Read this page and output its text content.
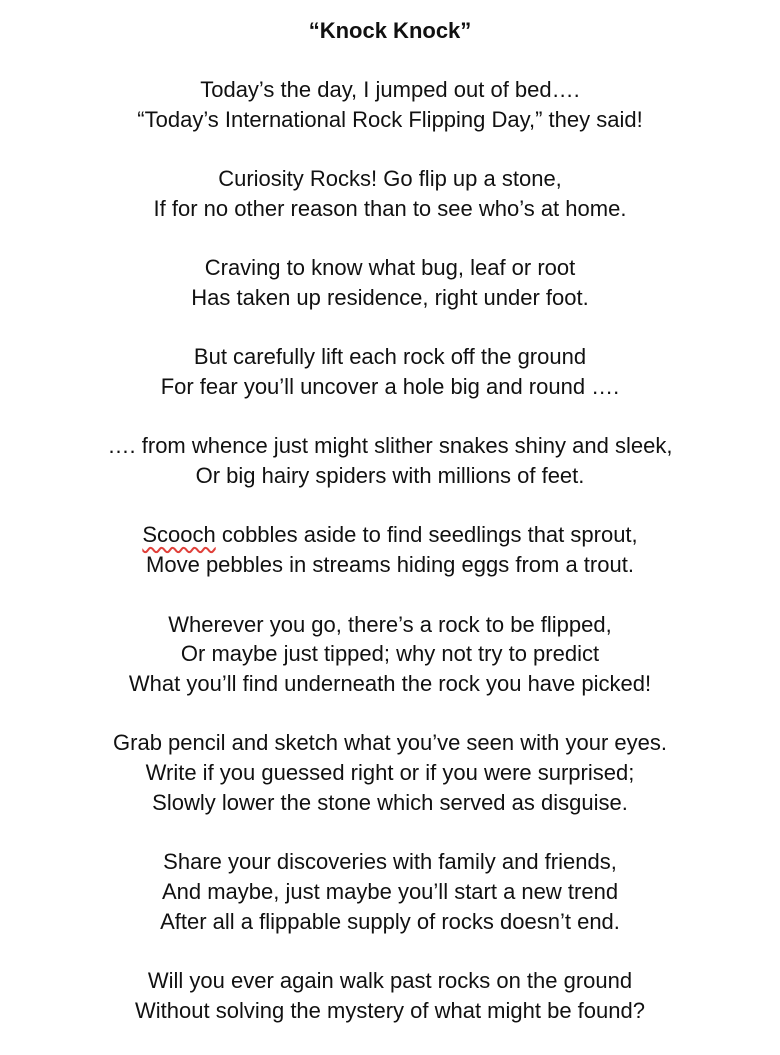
“Knock Knock”
Today’s the day, I jumped out of bed….
“Today’s International Rock Flipping Day,” they said!
Curiosity Rocks! Go flip up a stone,
If for no other reason than to see who’s at home.
Craving to know what bug, leaf or root
Has taken up residence, right under foot.
But carefully lift each rock off the ground
For fear you’ll uncover a hole big and round ….
…. from whence just might slither snakes shiny and sleek,
Or big hairy spiders with millions of feet.
Scooch cobbles aside to find seedlings that sprout,
Move pebbles in streams hiding eggs from a trout.
Wherever you go, there’s a rock to be flipped,
Or maybe just tipped; why not try to predict
What you’ll find underneath the rock you have picked!
Grab pencil and sketch what you’ve seen with your eyes.
Write if you guessed right or if you were surprised;
Slowly lower the stone which served as disguise.
Share your discoveries with family and friends,
And maybe, just maybe you’ll start a new trend
After all a flippable supply of rocks doesn’t end.
Will you ever again walk past rocks on the ground
Without solving the mystery of what might be found?
